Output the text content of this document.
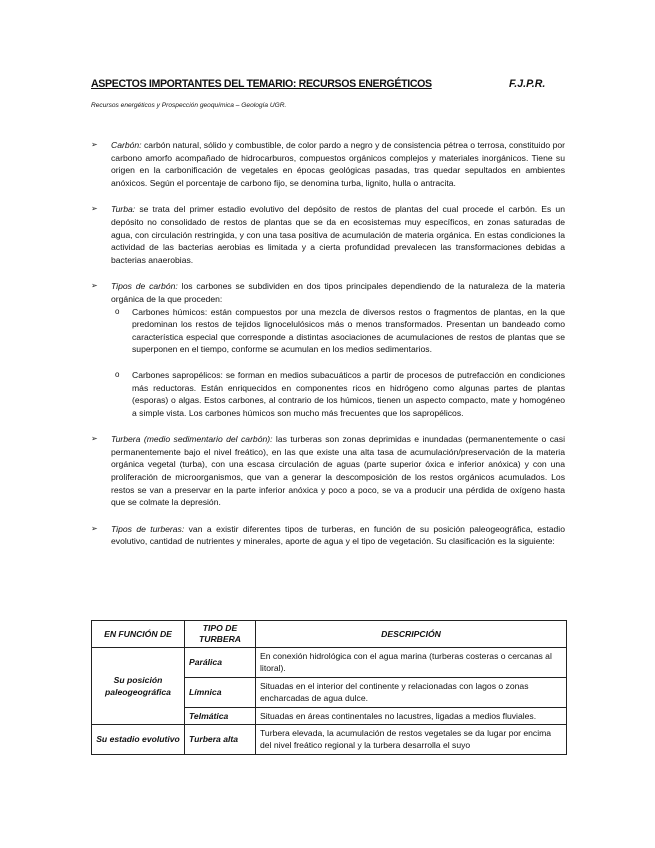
ASPECTOS IMPORTANTES DEL TEMARIO: RECURSOS ENERGÉTICOS	F.J.P.R.
Recursos energéticos y Prospección geoquímica – Geología UGR.
➢ Carbón: carbón natural, sólido y combustible, de color pardo a negro y de consistencia pétrea o terrosa, constituido por carbono amorfo acompañado de hidrocarburos, compuestos orgánicos complejos y materiales inorgánicos. Tiene su origen en la carbonificación de vegetales en épocas geológicas pasadas, tras quedar sepultados en ambientes anóxicos. Según el porcentaje de carbono fijo, se denomina turba, lignito, hulla o antracita.
➢ Turba: se trata del primer estadio evolutivo del depósito de restos de plantas del cual procede el carbón. Es un depósito no consolidado de restos de plantas que se da en ecosistemas muy específicos, en zonas saturadas de agua, con circulación restringida, y con una tasa positiva de acumulación de materia orgánica. En estas condiciones la actividad de las bacterias aerobias es limitada y a cierta profundidad prevalecen las transformaciones debidas a bacterias anaerobias.
➢ Tipos de carbón: los carbones se subdividen en dos tipos principales dependiendo de la naturaleza de la materia orgánica de la que proceden:
o Carbones húmicos: están compuestos por una mezcla de diversos restos o fragmentos de plantas, en la que predominan los restos de tejidos lignocelulósicos más o menos transformados. Presentan un bandeado como característica especial que corresponde a distintas asociaciones de acumulaciones de restos de plantas que se superponen en el tiempo, conforme se acumulan en los medios sedimentarios.
o Carbones sapropélicos: se forman en medios subacuáticos a partir de procesos de putrefacción en condiciones más reductoras. Están enriquecidos en componentes ricos en hidrógeno como algunas partes de plantas (esporas) o algas. Estos carbones, al contrario de los húmicos, tienen un aspecto compacto, mate y homogéneo a simple vista. Los carbones húmicos son mucho más frecuentes que los sapropélicos.
➢ Turbera (medio sedimentario del carbón): las turberas son zonas deprimidas e inundadas (permanentemente o casi permanentemente bajo el nivel freático), en las que existe una alta tasa de acumulación/preservación de la materia orgánica vegetal (turba), con una escasa circulación de aguas (parte superior óxica e inferior anóxica) y con una proliferación de microorganismos, que van a generar la descomposición de los restos orgánicos acumulados. Los restos se van a preservar en la parte inferior anóxica y poco a poco, se va a producir una pérdida de oxígeno hasta que se colmate la depresión.
➢ Tipos de turberas: van a existir diferentes tipos de turberas, en función de su posición paleogeográfica, estadio evolutivo, cantidad de nutrientes y minerales, aporte de agua y el tipo de vegetación. Su clasificación es la siguiente:
EN FUNCIÓN DE	TIPO DE TURBERA	DESCRIPCIÓN
Su posición paleogeográfica	Parálica	En conexión hidrológica con el agua marina (turberas costeras o cercanas al litoral).
	Límnica	Situadas en el interior del continente y relacionadas con lagos o zonas encharcadas de agua dulce.
	Telmática	Situadas en áreas continentales no lacustres, ligadas a medios fluviales.
Su estadio evolutivo	Turbera alta	Turbera elevada, la acumulación de restos vegetales se da lugar por encima del nivel freático regional y la turbera desarrolla el suyo
